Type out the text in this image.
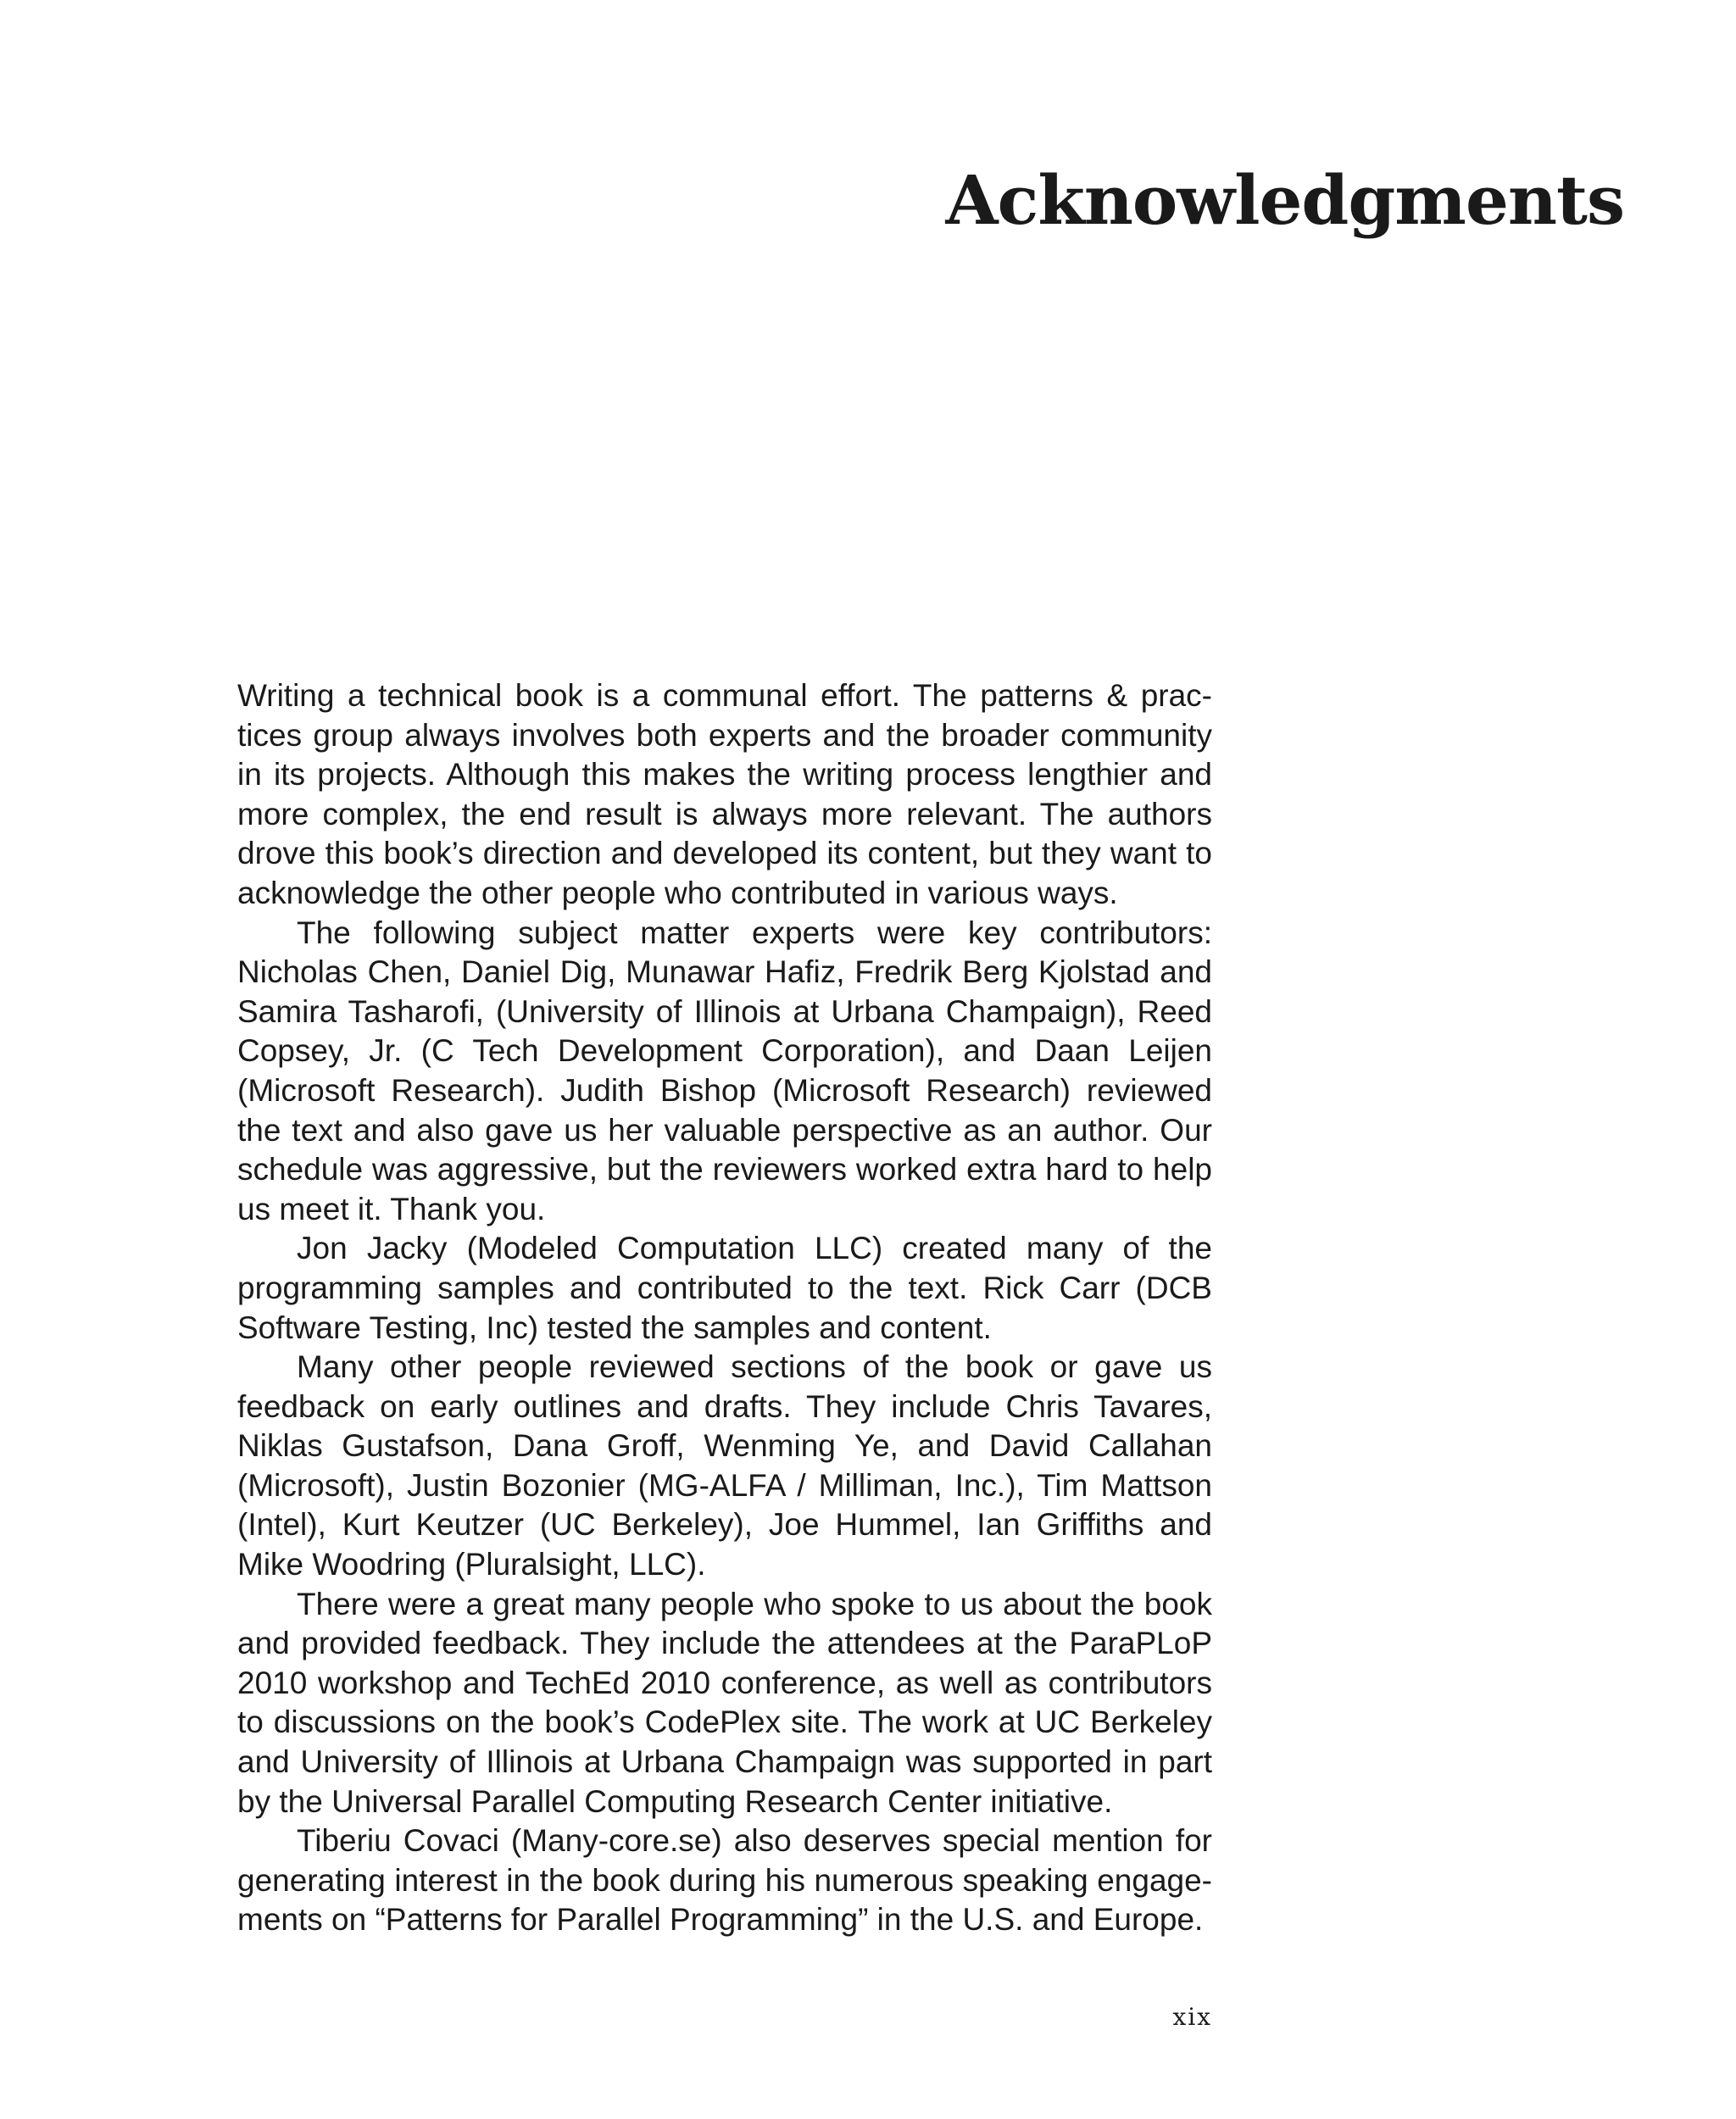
Acknowledgments

Writing a technical book is a communal effort. The patterns & practices group always involves both experts and the broader community in its projects. Although this makes the writing process lengthier and more complex, the end result is always more relevant. The authors drove this book’s direction and developed its content, but they want to acknowledge the other people who contributed in various ways.

The following subject matter experts were key contributors: Nicholas Chen, Daniel Dig, Munawar Hafiz, Fredrik Berg Kjolstad and Samira Tasharofi, (University of Illinois at Urbana Champaign), Reed Copsey, Jr. (C Tech Development Corporation), and Daan Leijen (Microsoft Research). Judith Bishop (Microsoft Research) reviewed the text and also gave us her valuable perspective as an author. Our schedule was aggressive, but the reviewers worked extra hard to help us meet it. Thank you.

Jon Jacky (Modeled Computation LLC) created many of the programming samples and contributed to the text. Rick Carr (DCB Software Testing, Inc) tested the samples and content.

Many other people reviewed sections of the book or gave us feedback on early outlines and drafts. They include Chris Tavares, Niklas Gustafson, Dana Groff, Wenming Ye, and David Callahan (Microsoft), Justin Bozonier (MG-ALFA / Milliman, Inc.), Tim Mattson (Intel), Kurt Keutzer (UC Berkeley), Joe Hummel, Ian Griffiths and Mike Woodring (Pluralsight, LLC).

There were a great many people who spoke to us about the book and provided feedback. They include the attendees at the ParaPLoP 2010 workshop and TechEd 2010 conference, as well as contributors to discussions on the book’s CodePlex site. The work at UC Berkeley and University of Illinois at Urbana Champaign was supported in part by the Universal Parallel Computing Research Center initiative.

Tiberiu Covaci (Many-core.se) also deserves special mention for generating interest in the book during his numerous speaking engagements on “Patterns for Parallel Programming” in the U.S. and Europe.

xix
